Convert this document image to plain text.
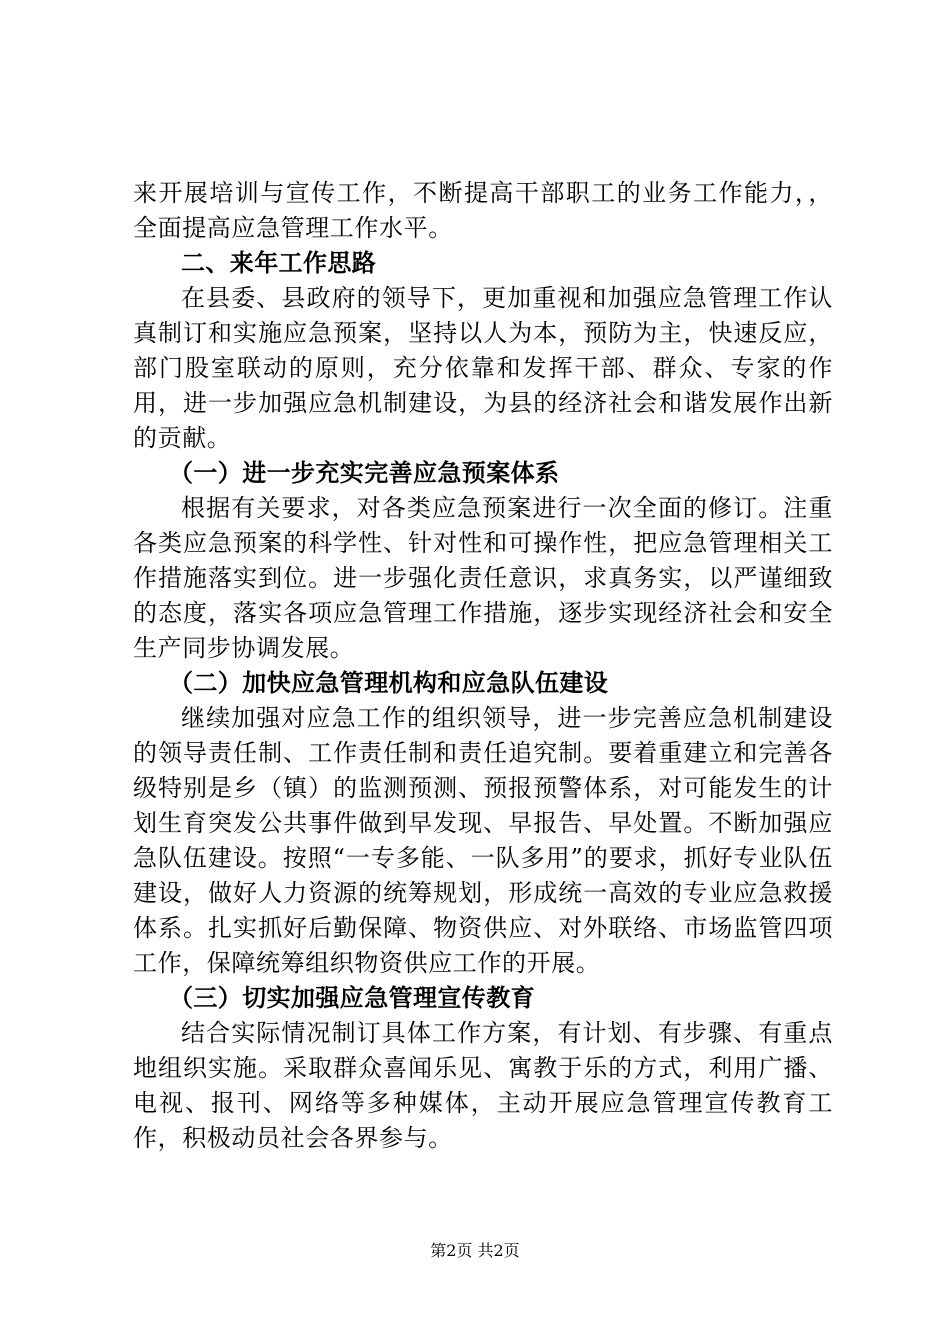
来开展培训与宣传工作，不断提高干部职工的业务工作能力，，全面提高应急管理工作水平。

二、来年工作思路

在县委、县政府的领导下，更加重视和加强应急管理工作认真制订和实施应急预案，坚持以人为本，预防为主，快速反应，部门股室联动的原则，充分依靠和发挥干部、群众、专家的作用，进一步加强应急机制建设，为县的经济社会和谐发展作出新的贡献。

（一）进一步充实完善应急预案体系

根据有关要求，对各类应急预案进行一次全面的修订。注重各类应急预案的科学性、针对性和可操作性，把应急管理相关工作措施落实到位。进一步强化责任意识，求真务实，以严谨细致的态度，落实各项应急管理工作措施，逐步实现经济社会和安全生产同步协调发展。

（二）加快应急管理机构和应急队伍建设

继续加强对应急工作的组织领导，进一步完善应急机制建设的领导责任制、工作责任制和责任追究制。要着重建立和完善各级特别是乡（镇）的监测预测、预报预警体系，对可能发生的计划生育突发公共事件做到早发现、早报告、早处置。不断加强应急队伍建设。按照“一专多能、一队多用”的要求，抓好专业队伍建设，做好人力资源的统筹规划，形成统一高效的专业应急救援体系。扎实抓好后勤保障、物资供应、对外联络、市场监管四项工作，保障统筹组织物资供应工作的开展。

（三）切实加强应急管理宣传教育

结合实际情况制订具体工作方案，有计划、有步骤、有重点地组织实施。采取群众喜闻乐见、寓教于乐的方式，利用广播、电视、报刊、网络等多种媒体，主动开展应急管理宣传教育工作，积极动员社会各界参与。

第2页 共2页
